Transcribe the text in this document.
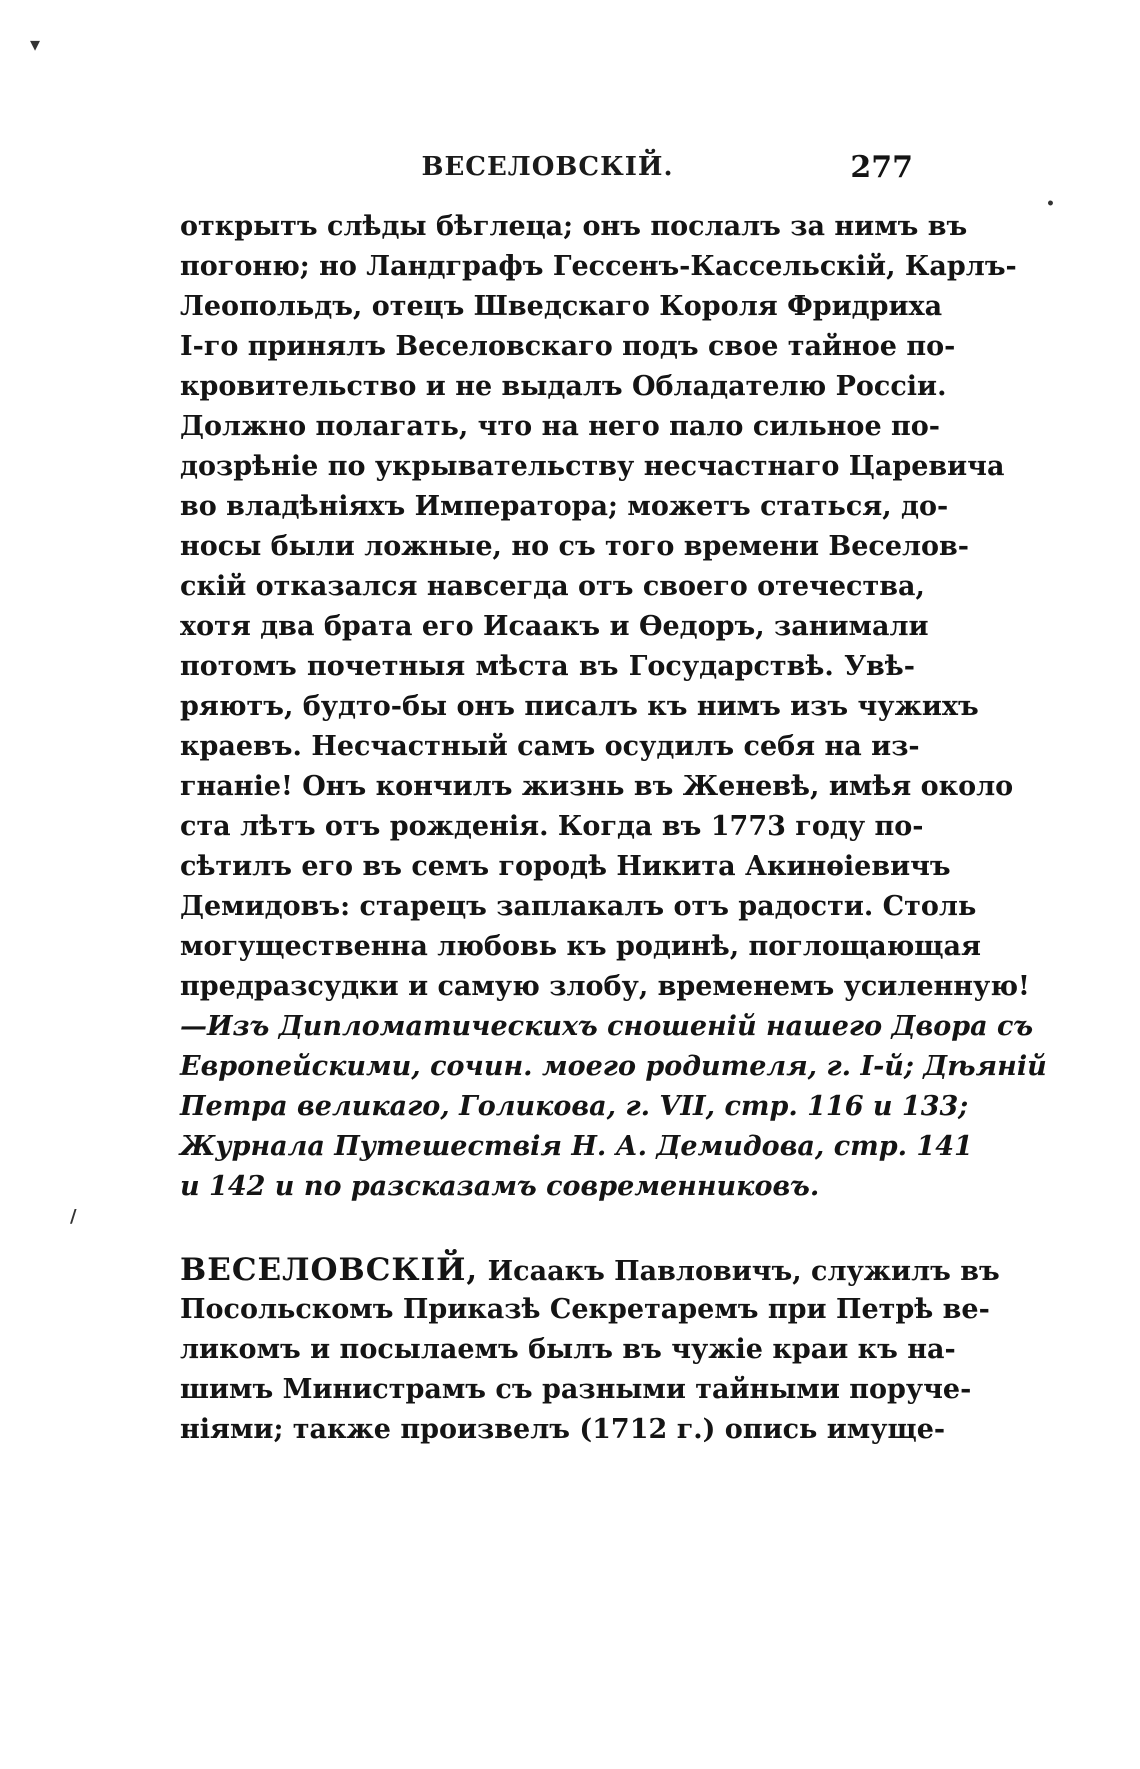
▾
•
/
ВЕСЕЛОВСКІЙ.	277
открытъ слѣды бѣглеца; онъ послалъ за нимъ въ
погоню; но Ландграфъ Гессенъ-Кассельскій, Карлъ-
Леопольдъ, отецъ Шведскаго Короля Фридриха
I-го принялъ Веселовскаго подъ свое тайное по-
кровительство и не выдалъ Обладателю Россіи.
Должно полагать, что на него пало сильное по-
дозрѣніе по укрывательству несчастнаго Царевича
во владѣніяхъ Императора; можетъ статься, до-
носы были ложные, но съ того времени Веселов-
скій отказался навсегда отъ своего отечества,
хотя два брата его Исаакъ и Ѳедоръ, занимали
потомъ почетныя мѣста въ Государствѣ. Увѣ-
ряютъ, будто-бы онъ писалъ къ нимъ изъ чужихъ
краевъ. Несчастный самъ осудилъ себя на из-
гнаніе! Онъ кончилъ жизнь въ Женевѣ, имѣя около
ста лѣтъ отъ рожденія. Когда въ 1773 году по-
сѣтилъ его въ семъ городѣ Никита Акинѳіевичъ
Демидовъ: старецъ заплакалъ отъ радости. Столь
могущественна любовь къ родинѣ, поглощающая
предразсудки и самую злобу, временемъ усиленную!
—Изъ Дипломатическихъ сношеній нашего Двора съ
Европейскими, сочин. моего родителя, г. I-й; Дѣяній
Петра великаго, Голикова, г. VII, стр. 116 и 133;
Журнала Путешествія Н. А. Демидова, стр. 141
и 142 и по разсказамъ современниковъ.
ВЕСЕЛОВСКІЙ, Исаакъ Павловичъ, служилъ въ
Посольскомъ Приказѣ Секретаремъ при Петрѣ ве-
ликомъ и посылаемъ былъ въ чужіе краи къ на-
шимъ Министрамъ съ разными тайными поруче-
ніями; также произвелъ (1712 г.) опись имуще-
